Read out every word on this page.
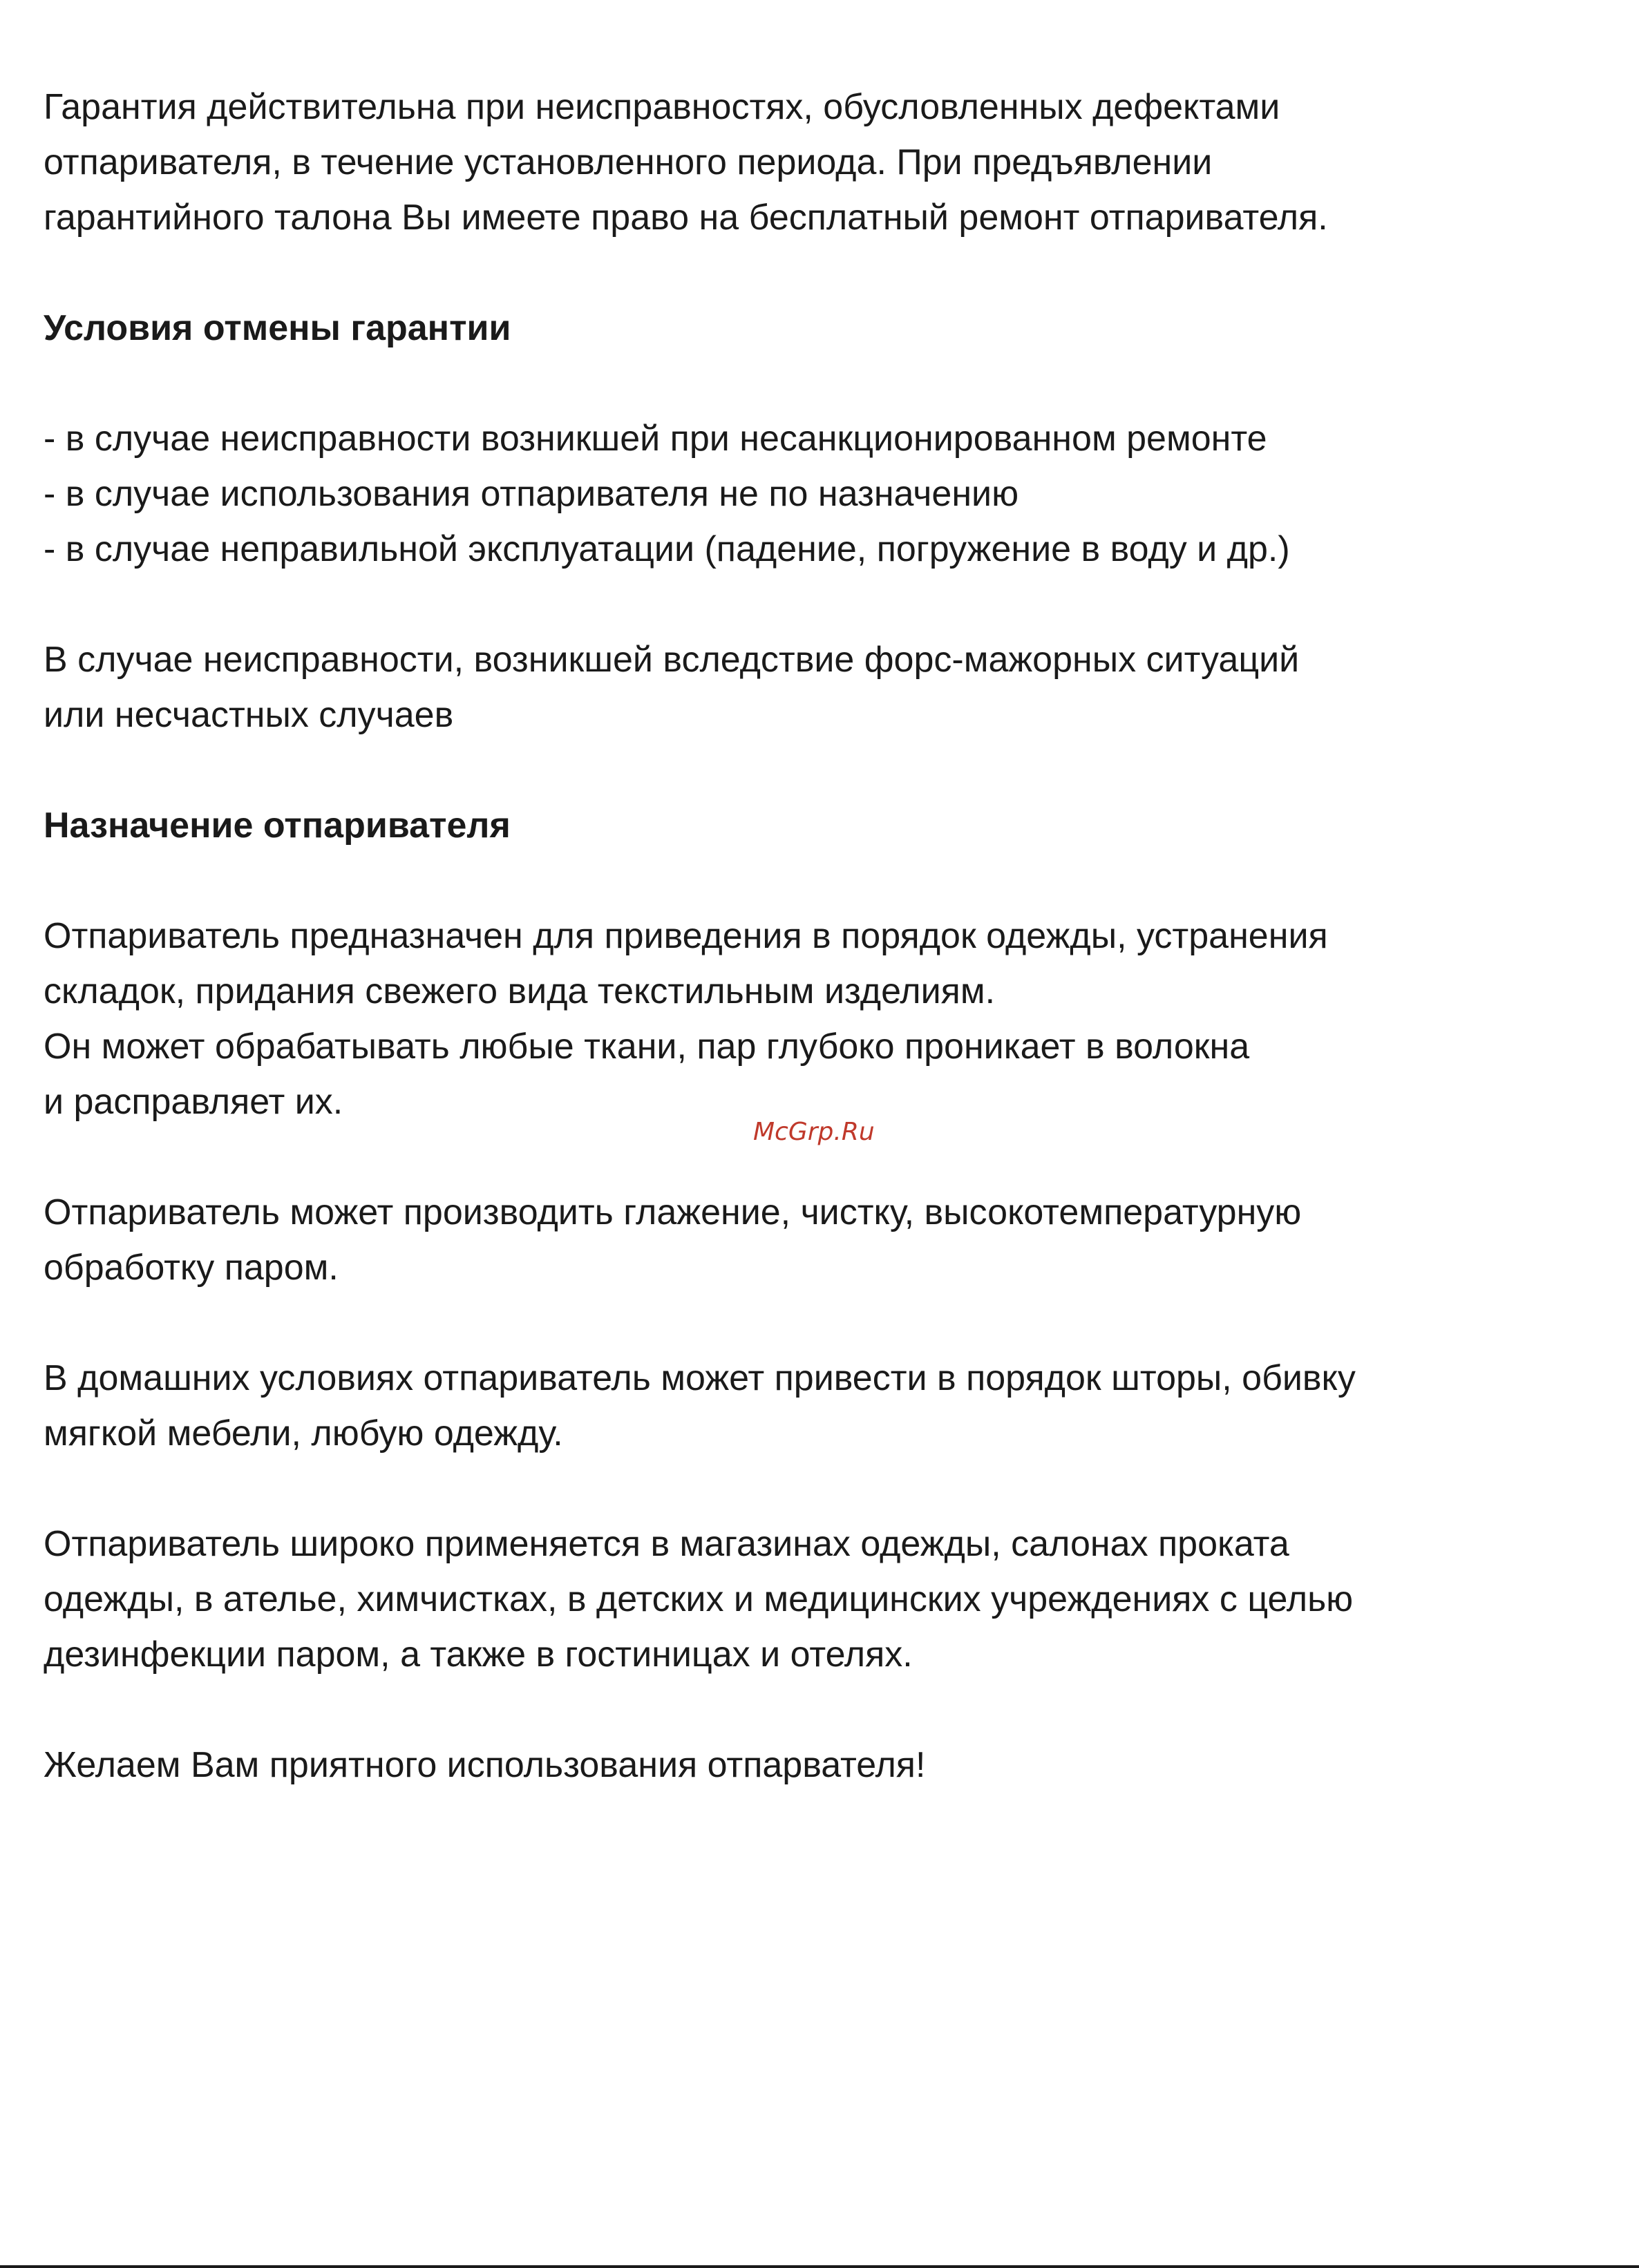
Гарантия действительна при неисправностях, обусловленных дефектами
отпаривателя, в течение установленного периода. При предъявлении
гарантийного талона Вы имеете право на бесплатный ремонт отпаривателя.
Условия отмены гарантии
- в случае неисправности возникшей при несанкционированном ремонте
- в случае использования отпаривателя не по назначению
- в случае неправильной эксплуатации (падение, погружение в воду и др.)
В случае неисправности, возникшей вследствие форс-мажорных ситуаций
или несчастных случаев
Назначение отпаривателя
Отпариватель предназначен для приведения в порядок одежды, устранения
складок, придания свежего вида текстильным изделиям.
Он может обрабатывать любые ткани, пар глубоко проникает в волокна
и расправляет их.
McGrp.Ru
Отпариватель может производить глажение, чистку, высокотемпературную
обработку паром.
В домашних условиях отпариватель может привести в порядок шторы, обивку
мягкой мебели, любую одежду.
Отпариватель широко применяется в магазинах одежды, салонах проката
одежды, в ателье, химчистках, в детских и медицинских учреждениях с целью
дезинфекции паром, а также в гостиницах и отелях.
Желаем Вам приятного использования отпарвателя!
